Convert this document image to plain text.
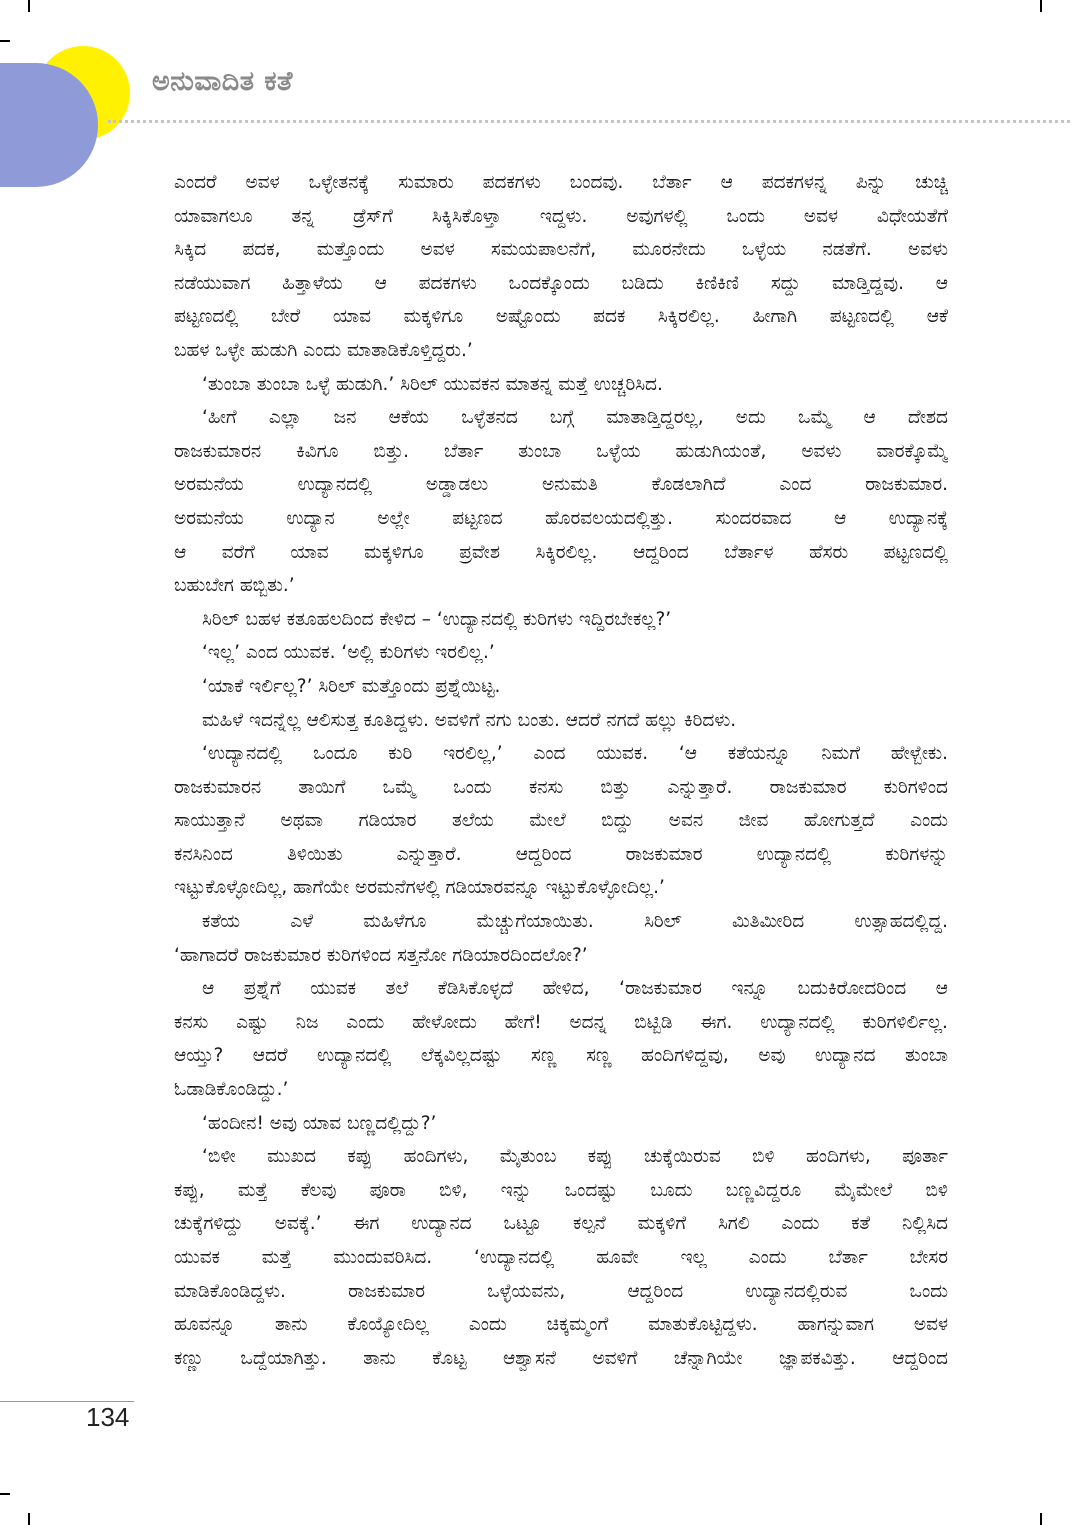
ಅನುವಾದಿತ ಕತೆ
ಎಂದರೆ ಅವಳ ಒಳ್ಳೇತನಕ್ಕೆ ಸುಮಾರು ಪದಕಗಳು ಬಂದವು. ಬೆರ್ತಾ ಆ ಪದಕಗಳನ್ನ ಪಿನ್ನು ಚುಚ್ಚಿ
ಯಾವಾಗಲೂ ತನ್ನ ಡ್ರೆಸ್‌ಗೆ ಸಿಕ್ಕಿಸಿಕೊಳ್ತಾ ಇದ್ದಳು. ಅವುಗಳಲ್ಲಿ ಒಂದು ಅವಳ ವಿಧೇಯತೆಗೆ
ಸಿಕ್ಕಿದ ಪದಕ, ಮತ್ತೊಂದು ಅವಳ ಸಮಯಪಾಲನೆಗೆ, ಮೂರನೇದು ಒಳ್ಳೆಯ ನಡತೆಗೆ. ಅವಳು
ನಡೆಯುವಾಗ ಹಿತ್ತಾಳೆಯ ಆ ಪದಕಗಳು ಒಂದಕ್ಕೊಂದು ಬಡಿದು ಕಿಣಿಕಿಣಿ ಸದ್ದು ಮಾಡ್ತಿದ್ದವು. ಆ
ಪಟ್ಟಣದಲ್ಲಿ ಬೇರೆ ಯಾವ ಮಕ್ಕಳಿಗೂ ಅಷ್ಟೊಂದು ಪದಕ ಸಿಕ್ಕಿರಲಿಲ್ಲ. ಹೀಗಾಗಿ ಪಟ್ಟಣದಲ್ಲಿ ಆಕೆ
ಬಹಳ ಒಳ್ಳೇ ಹುಡುಗಿ ಎಂದು ಮಾತಾಡಿಕೊಳ್ತಿದ್ದರು.’
‘ತುಂಬಾ ತುಂಬಾ ಒಳ್ಳೆ ಹುಡುಗಿ.’ ಸಿರಿಲ್ ಯುವಕನ ಮಾತನ್ನ ಮತ್ತೆ ಉಚ್ಚರಿಸಿದ.
‘ಹೀಗೆ ಎಲ್ಲಾ ಜನ ಆಕೆಯ ಒಳ್ಳೆತನದ ಬಗ್ಗೆ ಮಾತಾಡ್ತಿದ್ದರಲ್ಲ, ಅದು ಒಮ್ಮೆ ಆ ದೇಶದ
ರಾಜಕುಮಾರನ ಕಿವಿಗೂ ಬಿತ್ತು. ಬೆರ್ತಾ ತುಂಬಾ ಒಳ್ಳೆಯ ಹುಡುಗಿಯಂತೆ, ಅವಳು ವಾರಕ್ಕೊಮ್ಮೆ
ಅರಮನೆಯ ಉದ್ಯಾನದಲ್ಲಿ ಅಡ್ಡಾಡಲು ಅನುಮತಿ ಕೊಡಲಾಗಿದೆ ಎಂದ ರಾಜಕುಮಾರ.
ಅರಮನೆಯ ಉದ್ಯಾನ ಅಲ್ಲೇ ಪಟ್ಟಣದ ಹೊರವಲಯದಲ್ಲಿತ್ತು. ಸುಂದರವಾದ ಆ ಉದ್ಯಾನಕ್ಕೆ
ಆ ವರೆಗೆ ಯಾವ ಮಕ್ಕಳಿಗೂ ಪ್ರವೇಶ ಸಿಕ್ಕಿರಲಿಲ್ಲ. ಆದ್ದರಿಂದ ಬೆರ್ತಾಳ ಹೆಸರು ಪಟ್ಟಣದಲ್ಲಿ
ಬಹುಬೇಗ ಹಬ್ಬಿತು.’
ಸಿರಿಲ್ ಬಹಳ ಕತೂಹಲದಿಂದ ಕೇಳಿದ – ‘ಉದ್ಯಾನದಲ್ಲಿ ಕುರಿಗಳು ಇದ್ದಿರಬೇಕಲ್ಲ?’
‘ಇಲ್ಲ’ ಎಂದ ಯುವಕ. ‘ಅಲ್ಲಿ ಕುರಿಗಳು ಇರಲಿಲ್ಲ.’
‘ಯಾಕೆ ಇರ್ಲಿಲ್ಲ?’ ಸಿರಿಲ್ ಮತ್ತೊಂದು ಪ್ರಶ್ನೆಯಿಟ್ಟ.
ಮಹಿಳೆ ಇದನ್ನೆಲ್ಲ ಆಲಿಸುತ್ತ ಕೂತಿದ್ದಳು. ಅವಳಿಗೆ ನಗು ಬಂತು. ಆದರೆ ನಗದೆ ಹಲ್ಲು ಕಿರಿದಳು.
‘ಉದ್ಯಾನದಲ್ಲಿ ಒಂದೂ ಕುರಿ ಇರಲಿಲ್ಲ,’ ಎಂದ ಯುವಕ. ‘ಆ ಕತೆಯನ್ನೂ ನಿಮಗೆ ಹೇಳ್ಬೇಕು.
ರಾಜಕುಮಾರನ ತಾಯಿಗೆ ಒಮ್ಮೆ ಒಂದು ಕನಸು ಬಿತ್ತು ಎನ್ನುತ್ತಾರೆ. ರಾಜಕುಮಾರ ಕುರಿಗಳಿಂದ
ಸಾಯುತ್ತಾನೆ ಅಥವಾ ಗಡಿಯಾರ ತಲೆಯ ಮೇಲೆ ಬಿದ್ದು ಅವನ ಜೀವ ಹೋಗುತ್ತದೆ ಎಂದು
ಕನಸಿನಿಂದ ತಿಳಿಯಿತು ಎನ್ನುತ್ತಾರೆ. ಆದ್ದರಿಂದ ರಾಜಕುಮಾರ ಉದ್ಯಾನದಲ್ಲಿ ಕುರಿಗಳನ್ನು
ಇಟ್ಟುಕೊಳ್ಳೋದಿಲ್ಲ, ಹಾಗೆಯೇ ಅರಮನೆಗಳಲ್ಲಿ ಗಡಿಯಾರವನ್ನೂ ಇಟ್ಟುಕೊಳ್ಳೋದಿಲ್ಲ.’
ಕತೆಯ ಎಳೆ ಮಹಿಳೆಗೂ ಮೆಚ್ಚುಗೆಯಾಯಿತು. ಸಿರಿಲ್ ಮಿತಿಮೀರಿದ ಉತ್ಸಾಹದಲ್ಲಿದ್ದ.
‘ಹಾಗಾದರೆ ರಾಜಕುಮಾರ ಕುರಿಗಳಿಂದ ಸತ್ತನೋ ಗಡಿಯಾರದಿಂದಲೋ?’
ಆ ಪ್ರಶ್ನೆಗೆ ಯುವಕ ತಲೆ ಕೆಡಿಸಿಕೊಳ್ಳದೆ ಹೇಳಿದ, ‘ರಾಜಕುಮಾರ ಇನ್ನೂ ಬದುಕಿರೋದರಿಂದ ಆ
ಕನಸು ಎಷ್ಟು ನಿಜ ಎಂದು ಹೇಳೋದು ಹೇಗೆ! ಅದನ್ನ ಬಿಟ್ಬಿಡಿ ಈಗ. ಉದ್ಯಾನದಲ್ಲಿ ಕುರಿಗಳಿರ್ಲಿಲ್ಲ.
ಆಯ್ತು? ಆದರೆ ಉದ್ಯಾನದಲ್ಲಿ ಲೆಕ್ಕವಿಲ್ಲದಷ್ಟು ಸಣ್ಣ ಸಣ್ಣ ಹಂದಿಗಳಿದ್ದವು, ಅವು ಉದ್ಯಾನದ ತುಂಬಾ
ಓಡಾಡಿಕೊಂಡಿದ್ದು.’
‘ಹಂದೀನ! ಅವು ಯಾವ ಬಣ್ಣದಲ್ಲಿದ್ದು?’
‘ಬಿಳೀ ಮುಖದ ಕಪ್ಪು ಹಂದಿಗಳು, ಮೈತುಂಬ ಕಪ್ಪು ಚುಕ್ಕೆಯಿರುವ ಬಿಳಿ ಹಂದಿಗಳು, ಪೂರ್ತಾ
ಕಪ್ಪು, ಮತ್ತೆ ಕೆಲವು ಪೂರಾ ಬಿಳಿ, ಇನ್ನು ಒಂದಷ್ಟು ಬೂದು ಬಣ್ಣವಿದ್ದರೂ ಮೈಮೇಲೆ ಬಿಳಿ
ಚುಕ್ಕೆಗಳಿದ್ದು ಅವಕ್ಕೆ.’ ಈಗ ಉದ್ಯಾನದ ಒಟ್ಟೂ ಕಲ್ಪನೆ ಮಕ್ಕಳಿಗೆ ಸಿಗಲಿ ಎಂದು ಕತೆ ನಿಲ್ಲಿಸಿದ
ಯುವಕ ಮತ್ತೆ ಮುಂದುವರಿಸಿದ. ‘ಉದ್ಯಾನದಲ್ಲಿ ಹೂವೇ ಇಲ್ಲ ಎಂದು ಬೆರ್ತಾ ಬೇಸರ
ಮಾಡಿಕೊಂಡಿದ್ದಳು. ರಾಜಕುಮಾರ ಒಳ್ಳೆಯವನು, ಆದ್ದರಿಂದ ಉದ್ಯಾನದಲ್ಲಿರುವ ಒಂದು
ಹೂವನ್ನೂ ತಾನು ಕೊಯ್ಯೋದಿಲ್ಲ ಎಂದು ಚಿಕ್ಕಮ್ಮಂಗೆ ಮಾತುಕೊಟ್ಟಿದ್ದಳು. ಹಾಗನ್ನುವಾಗ ಅವಳ
ಕಣ್ಣು ಒದ್ದೆಯಾಗಿತ್ತು. ತಾನು ಕೊಟ್ಟ ಆಶ್ವಾಸನೆ ಅವಳಿಗೆ ಚೆನ್ನಾಗಿಯೇ ಜ್ಞಾಪಕವಿತ್ತು. ಆದ್ದರಿಂದ
134
